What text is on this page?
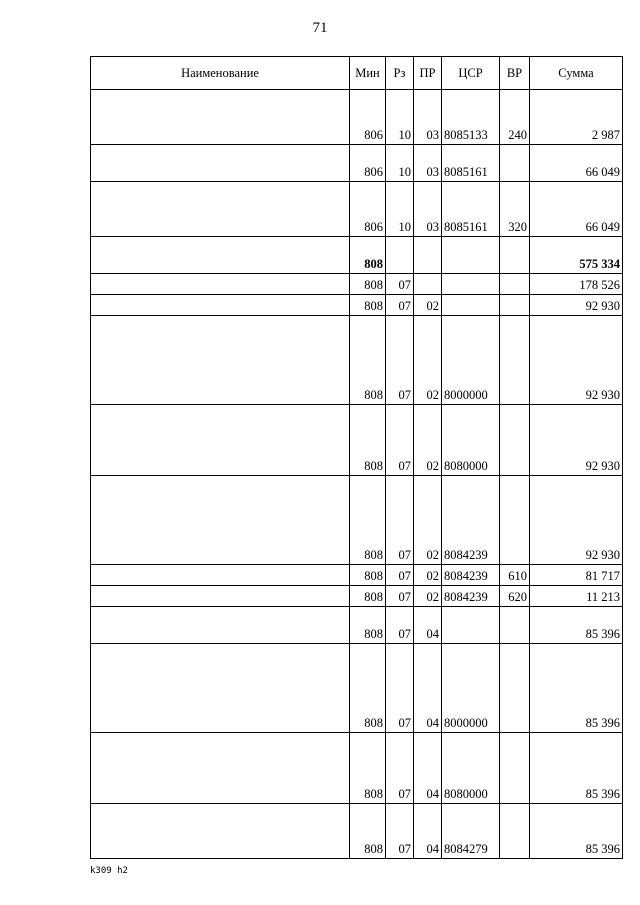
71
Наименование	Мин	Рз	ПР	ЦСР	ВР	Сумма
	806	10	03	8085133	240	2 987
	806	10	03	8085161		66 049
	806	10	03	8085161	320	66 049
	808					575 334
	808	07				178 526
	808	07	02			92 930
	808	07	02	8000000		92 930
	808	07	02	8080000		92 930
	808	07	02	8084239		92 930
	808	07	02	8084239	610	81 717
	808	07	02	8084239	620	11 213
	808	07	04			85 396
	808	07	04	8000000		85 396
	808	07	04	8080000		85 396
	808	07	04	8084279		85 396
k309 h2
